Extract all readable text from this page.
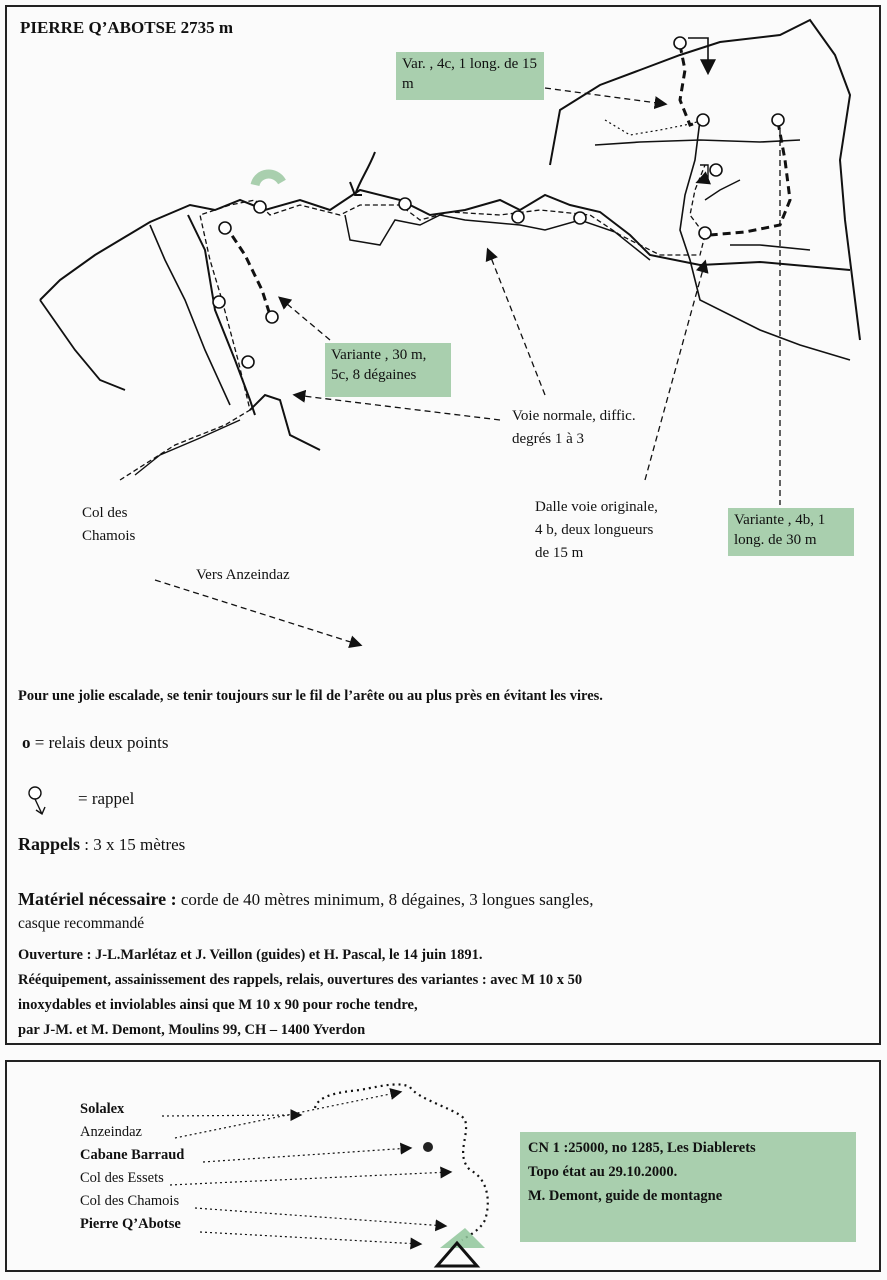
PIERRE Q’ABOTSE 2735 m
Var. , 4c, 1 long. de 15 m
Variante , 30 m,
5c, 8 dégaines
Variante , 4b, 1
long. de 30 m
Voie normale, diffic.
degrés 1 à 3
Dalle voie originale,
4 b, deux longueurs
de 15 m
Col des
Chamois
Vers Anzeindaz
Pour une jolie escalade, se tenir toujours sur le fil de l’arête ou au plus près en évitant les vires.
o = relais deux points
= rappel
Rappels : 3 x 15 mètres
Matériel nécessaire : corde de 40 mètres minimum, 8 dégaines, 3 longues sangles,
casque recommandé
Ouverture : J-L.Marlétaz et J. Veillon (guides) et H. Pascal, le 14 juin 1891.
Rééquipement, assainissement des rappels, relais, ouvertures des variantes : avec M 10 x 50
inoxydables et inviolables ainsi que M 10 x 90 pour roche tendre,
par J-M. et M. Demont, Moulins 99, CH – 1400 Yverdon
Solalex
Anzeindaz
Cabane Barraud
Col des Essets
Col des Chamois
Pierre Q’Abotse
CN 1 :25000, no 1285, Les Diablerets
Topo état au 29.10.2000.
M. Demont, guide de montagne
